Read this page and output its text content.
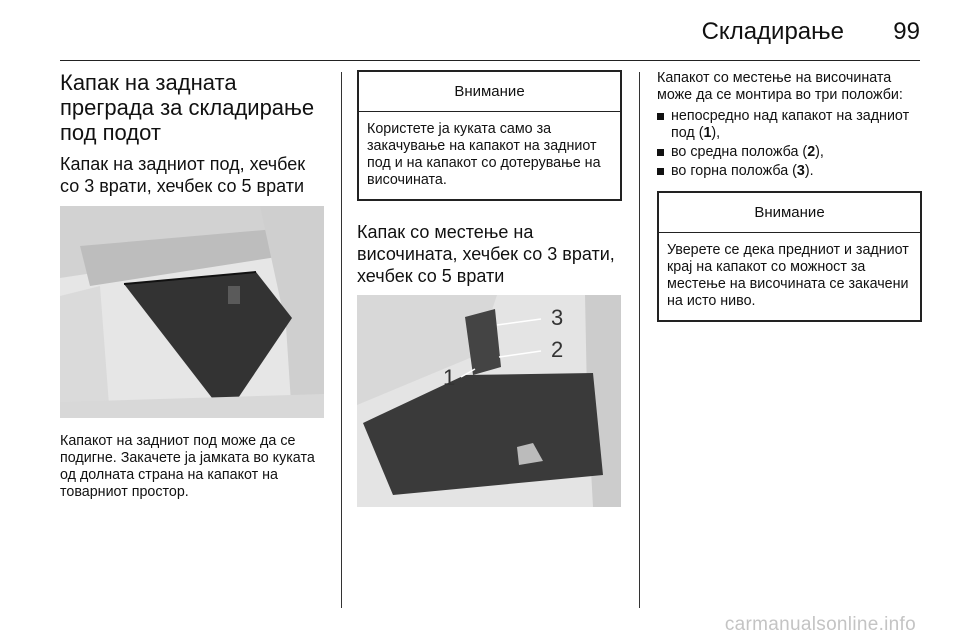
Складирање 99
Капак на задната преграда за складирање под подот
Капак на задниот под, хечбек со 3 врати, хечбек со 5 врати

Капакот на задниот под може да се подигне. Закачете ја јамката во куката од долната страна на капакот на товарниот простор.

Внимание
Користете ја куката само за закачување на капакот на задниот под и на капакот со дотерување на височината.
Капак со местење на височината, хечбек со 3 врати, хечбек со 5 врати
3
2
1

Капакот со местење на височината може да се монтира во три положби:

непосредно над капакот на задниот под (1),
во средна положба (2),
во горна положба (3).
Внимание
Уверете се дека предниот и задниот крај на капакот со можност за местење на височината се закачени на исто ниво.
carmanualsonline.info
